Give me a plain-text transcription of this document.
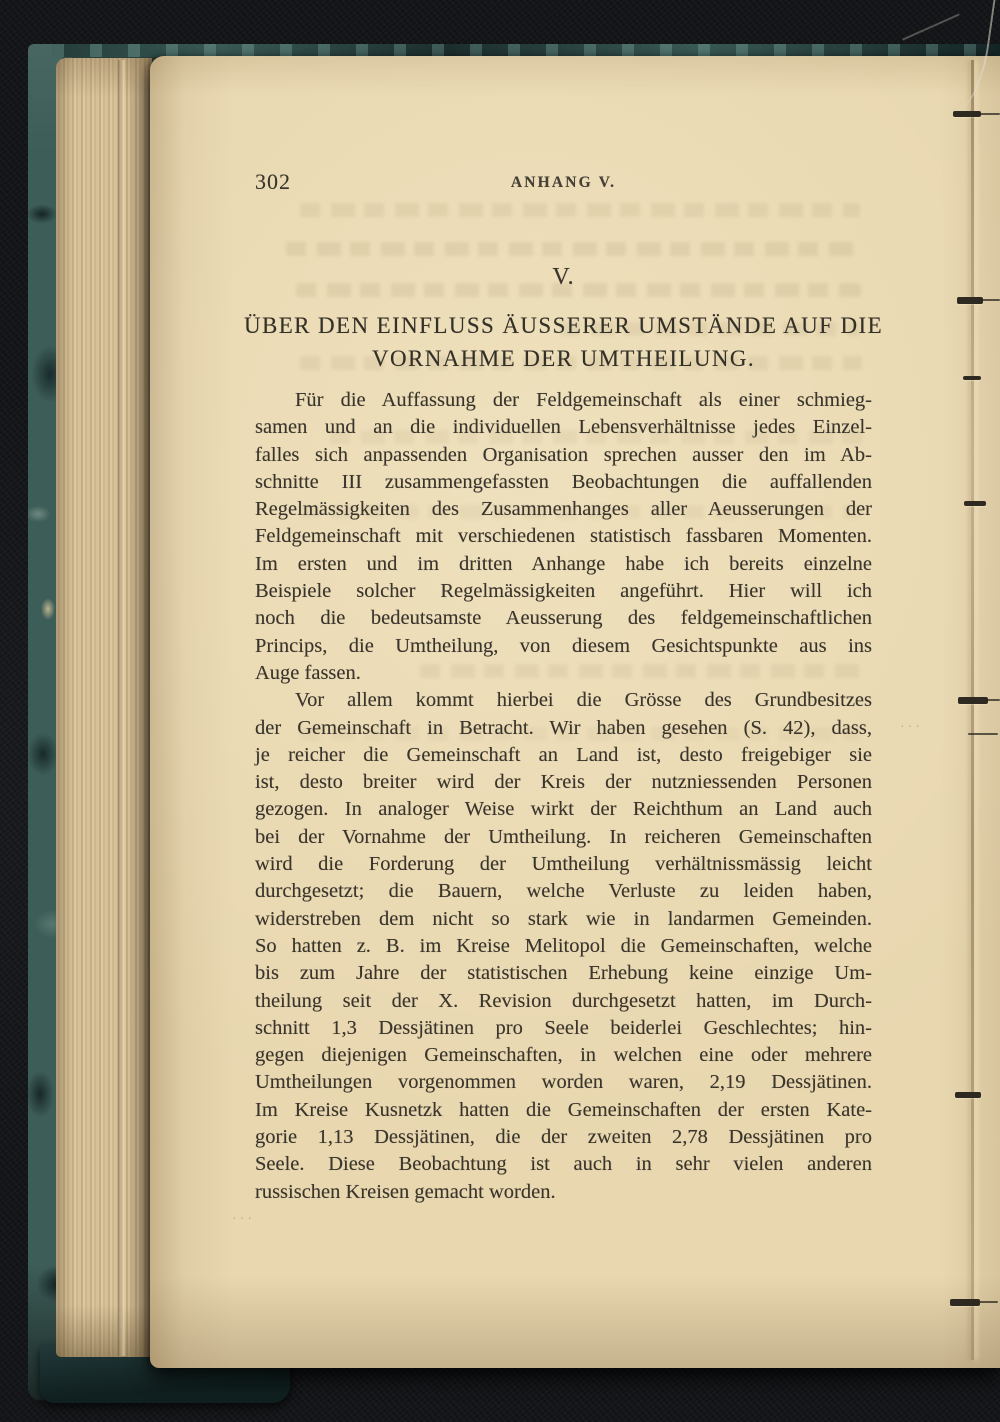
···
···
302	ANHANG V.
V.
ÜBER DEN EINFLUSS ÄUSSERER UMSTÄNDE AUF DIE
VORNAHME DER UMTHEILUNG.
Für die Auffassung der Feldgemeinschaft als einer schmieg-
samen und an die individuellen Lebensverhältnisse jedes Einzel-
falles sich anpassenden Organisation sprechen ausser den im Ab-
schnitte III zusammengefassten Beobachtungen die auffallenden
Regelmässigkeiten des Zusammenhanges aller Aeusserungen der
Feldgemeinschaft mit verschiedenen statistisch fassbaren Momenten.
Im ersten und im dritten Anhange habe ich bereits einzelne
Beispiele solcher Regelmässigkeiten angeführt. Hier will ich
noch die bedeutsamste Aeusserung des feldgemeinschaftlichen
Princips, die Umtheilung, von diesem Gesichtspunkte aus ins
Auge fassen.
Vor allem kommt hierbei die Grösse des Grundbesitzes
der Gemeinschaft in Betracht. Wir haben gesehen (S. 42), dass,
je reicher die Gemeinschaft an Land ist, desto freigebiger sie
ist, desto breiter wird der Kreis der nutzniessenden Personen
gezogen. In analoger Weise wirkt der Reichthum an Land auch
bei der Vornahme der Umtheilung. In reicheren Gemeinschaften
wird die Forderung der Umtheilung verhältnissmässig leicht
durchgesetzt; die Bauern, welche Verluste zu leiden haben,
widerstreben dem nicht so stark wie in landarmen Gemeinden.
So hatten z. B. im Kreise Melitopol die Gemeinschaften, welche
bis zum Jahre der statistischen Erhebung keine einzige Um-
theilung seit der X. Revision durchgesetzt hatten, im Durch-
schnitt 1,3 Dessjätinen pro Seele beiderlei Geschlechtes; hin-
gegen diejenigen Gemeinschaften, in welchen eine oder mehrere
Umtheilungen vorgenommen worden waren, 2,19 Dessjätinen.
Im Kreise Kusnetzk hatten die Gemeinschaften der ersten Kate-
gorie 1,13 Dessjätinen, die der zweiten 2,78 Dessjätinen pro
Seele. Diese Beobachtung ist auch in sehr vielen anderen
russischen Kreisen gemacht worden.
